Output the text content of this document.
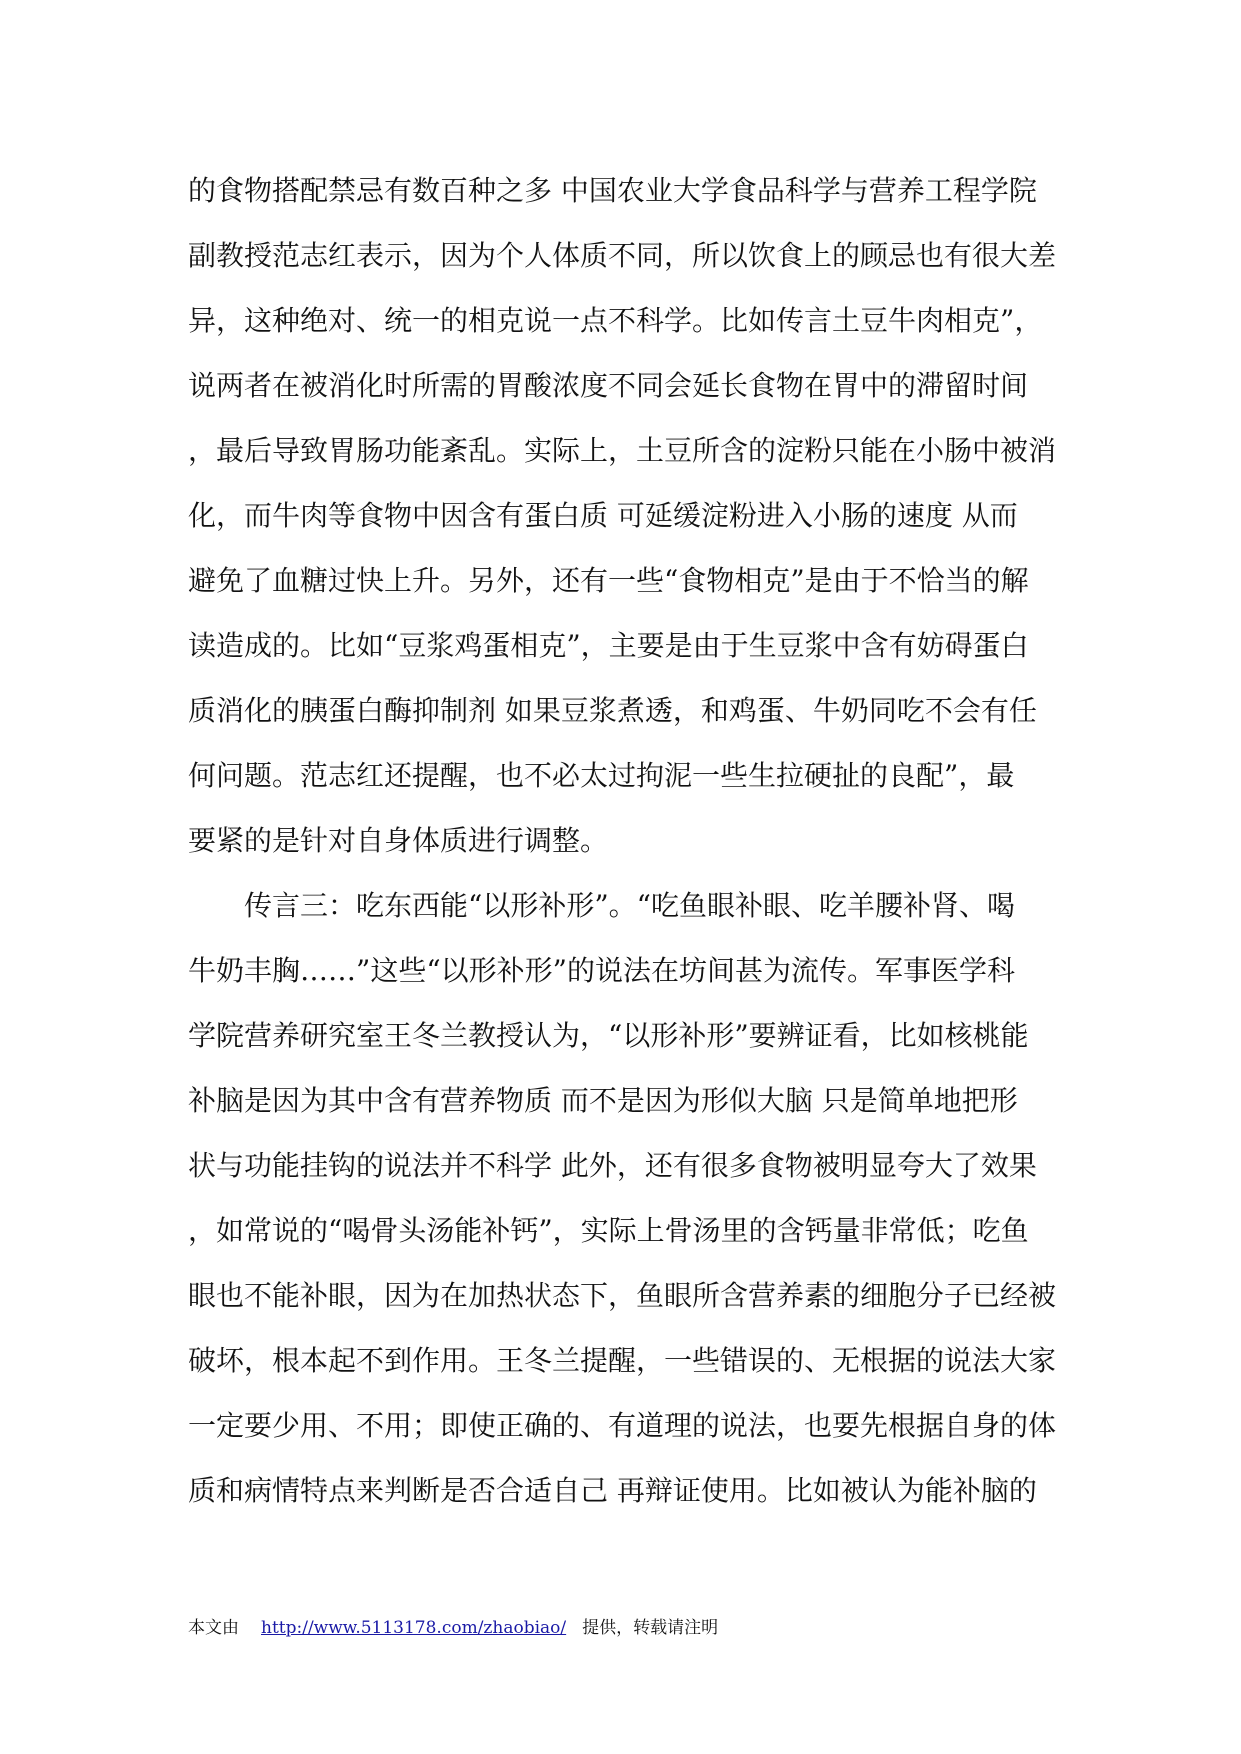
的食物搭配禁忌有数百种之多 中国农业大学食品科学与营养工程学院
副教授范志红表示，因为个人体质不同，所以饮食上的顾忌也有很大差
异，这种绝对、统一的相克说一点不科学。比如传言土豆牛肉相克”，
说两者在被消化时所需的胃酸浓度不同会延长食物在胃中的滞留时间
，最后导致胃肠功能紊乱。实际上，土豆所含的淀粉只能在小肠中被消
化，而牛肉等食物中因含有蛋白质 可延缓淀粉进入小肠的速度 从而
避免了血糖过快上升。另外，还有一些“食物相克”是由于不恰当的解
读造成的。比如“豆浆鸡蛋相克”，主要是由于生豆浆中含有妨碍蛋白
质消化的胰蛋白酶抑制剂 如果豆浆煮透，和鸡蛋、牛奶同吃不会有任
何问题。范志红还提醒，也不必太过拘泥一些生拉硬扯的良配”，最
要紧的是针对自身体质进行调整。
传言三：吃东西能“以形补形”。“吃鱼眼补眼、吃羊腰补肾、喝
牛奶丰胸……”这些“以形补形”的说法在坊间甚为流传。军事医学科
学院营养研究室王冬兰教授认为，“以形补形”要辨证看，比如核桃能
补脑是因为其中含有营养物质 而不是因为形似大脑 只是简单地把形
状与功能挂钩的说法并不科学 此外，还有很多食物被明显夸大了效果
，如常说的“喝骨头汤能补钙”，实际上骨汤里的含钙量非常低；吃鱼
眼也不能补眼，因为在加热状态下，鱼眼所含营养素的细胞分子已经被
破坏，根本起不到作用。王冬兰提醒，一些错误的、无根据的说法大家
一定要少用、不用；即使正确的、有道理的说法，也要先根据自身的体
质和病情特点来判断是否合适自己 再辩证使用。比如被认为能补脑的
本文由 http://www.5113178.com/zhaobiao/ 提供，转载请注明
